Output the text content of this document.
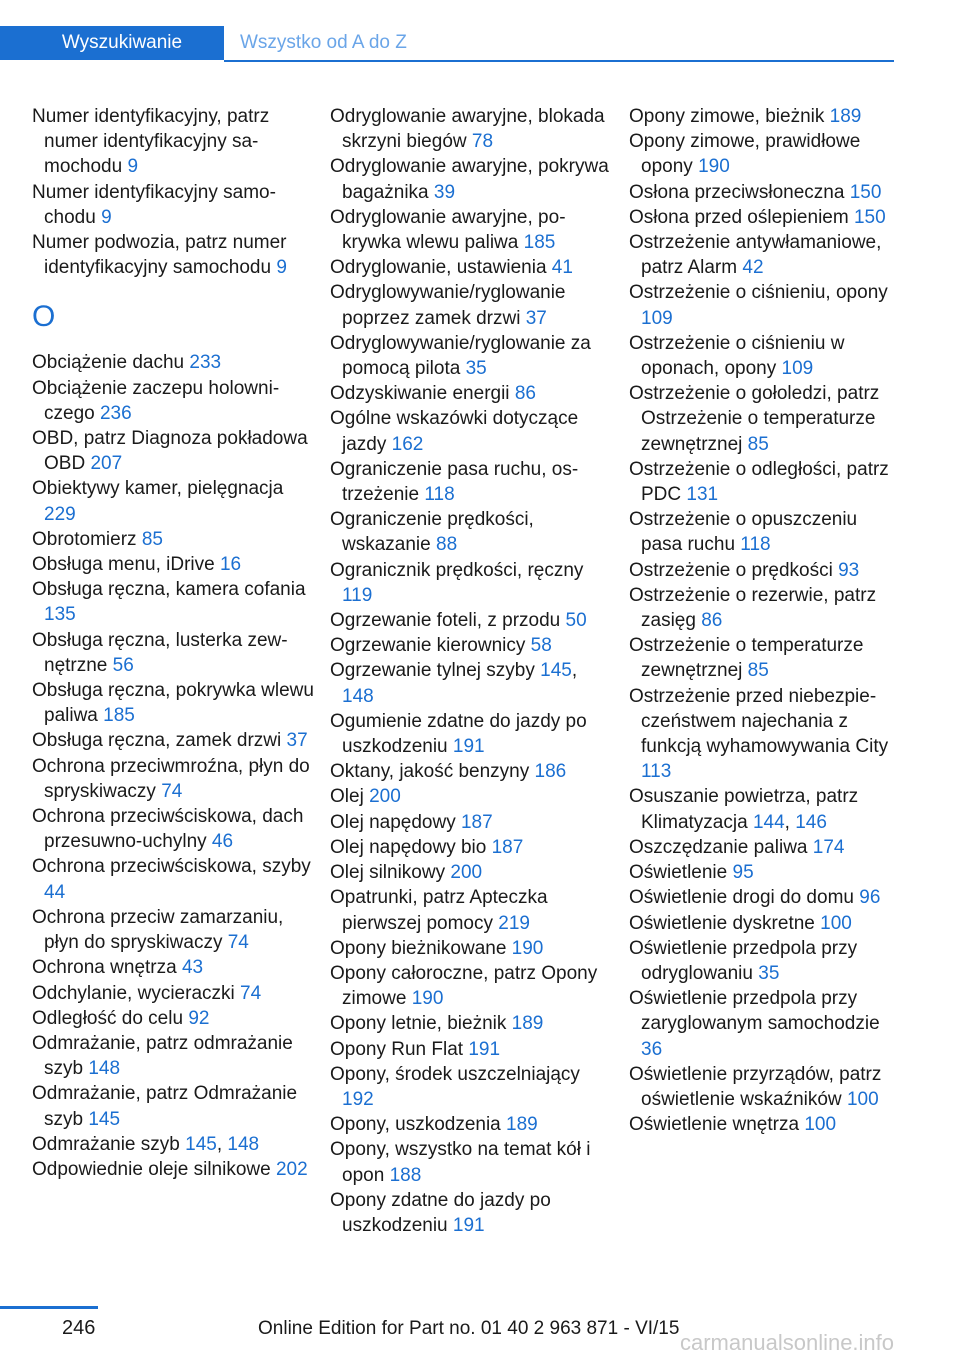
Wyszukiwanie	Wszystko od A do Z
Numer identyfikacyjny, patrz numer identyfikacyjny samochodu 9
Numer identyfikacyjny samochodu 9
Numer podwozia, patrz numer identyfikacyjny samochodu 9
O
Obciążenie dachu 233
Obciążenie zaczepu holowniczego 236
OBD, patrz Diagnoza pokładowa OBD 207
Obiektywy kamer, pielęgnacja 229
Obrotomierz 85
Obsługa menu, iDrive 16
Obsługa ręczna, kamera cofania 135
Obsługa ręczna, lusterka zewnętrzne 56
Obsługa ręczna, pokrywka wlewu paliwa 185
Obsługa ręczna, zamek drzwi 37
Ochrona przeciwmroźna, płyn do spryskiwaczy 74
Ochrona przeciwściskowa, dach przesuwno-uchylny 46
Ochrona przeciwściskowa, szyby 44
Ochrona przeciw zamarzaniu, płyn do spryskiwaczy 74
Ochrona wnętrza 43
Odchylanie, wycieraczki 74
Odległość do celu 92
Odmrażanie, patrz odmrażanie szyb 148
Odmrażanie, patrz Odmrażanie szyb 145
Odmrażanie szyb 145, 148
Odpowiednie oleje silnikowe 202
Odryglowanie awaryjne, blokada skrzyni biegów 78
Odryglowanie awaryjne, pokrywa bagażnika 39
Odryglowanie awaryjne, pokrywka wlewu paliwa 185
Odryglowanie, ustawienia 41
Odryglowywanie/ryglowanie poprzez zamek drzwi 37
Odryglowywanie/ryglowanie za pomocą pilota 35
Odzyskiwanie energii 86
Ogólne wskazówki dotyczące jazdy 162
Ograniczenie pasa ruchu, ostrzeżenie 118
Ograniczenie prędkości, wskazanie 88
Ogranicznik prędkości, ręczny 119
Ogrzewanie foteli, z przodu 50
Ogrzewanie kierownicy 58
Ogrzewanie tylnej szyby 145, 148
Ogumienie zdatne do jazdy po uszkodzeniu 191
Oktany, jakość benzyny 186
Olej 200
Olej napędowy 187
Olej napędowy bio 187
Olej silnikowy 200
Opatrunki, patrz Apteczka pierwszej pomocy 219
Opony bieżnikowane 190
Opony całoroczne, patrz Opony zimowe 190
Opony letnie, bieżnik 189
Opony Run Flat 191
Opony, środek uszczelniający 192
Opony, uszkodzenia 189
Opony, wszystko na temat kół i opon 188
Opony zdatne do jazdy po uszkodzeniu 191
Opony zimowe, bieżnik 189
Opony zimowe, prawidłowe opony 190
Osłona przeciwsłoneczna 150
Osłona przed oślepieniem 150
Ostrzeżenie antywłamaniowe, patrz Alarm 42
Ostrzeżenie o ciśnieniu, opony 109
Ostrzeżenie o ciśnieniu w oponach, opony 109
Ostrzeżenie o gołoledzi, patrz Ostrzeżenie o temperaturze zewnętrznej 85
Ostrzeżenie o odległości, patrz PDC 131
Ostrzeżenie o opuszczeniu pasa ruchu 118
Ostrzeżenie o prędkości 93
Ostrzeżenie o rezerwie, patrz zasięg 86
Ostrzeżenie o temperaturze zewnętrznej 85
Ostrzeżenie przed niebezpieczeństwem najechania z funkcją wyhamowywania City 113
Osuszanie powietrza, patrz Klimatyzacja 144, 146
Oszczędzanie paliwa 174
Oświetlenie 95
Oświetlenie drogi do domu 96
Oświetlenie dyskretne 100
Oświetlenie przedpola przy odryglowaniu 35
Oświetlenie przedpola przy zaryglowanym samochodzie 36
Oświetlenie przyrządów, patrz oświetlenie wskaźników 100
Oświetlenie wnętrza 100
246	Online Edition for Part no. 01 40 2 963 871 - VI/15
carmanualsonline.info
